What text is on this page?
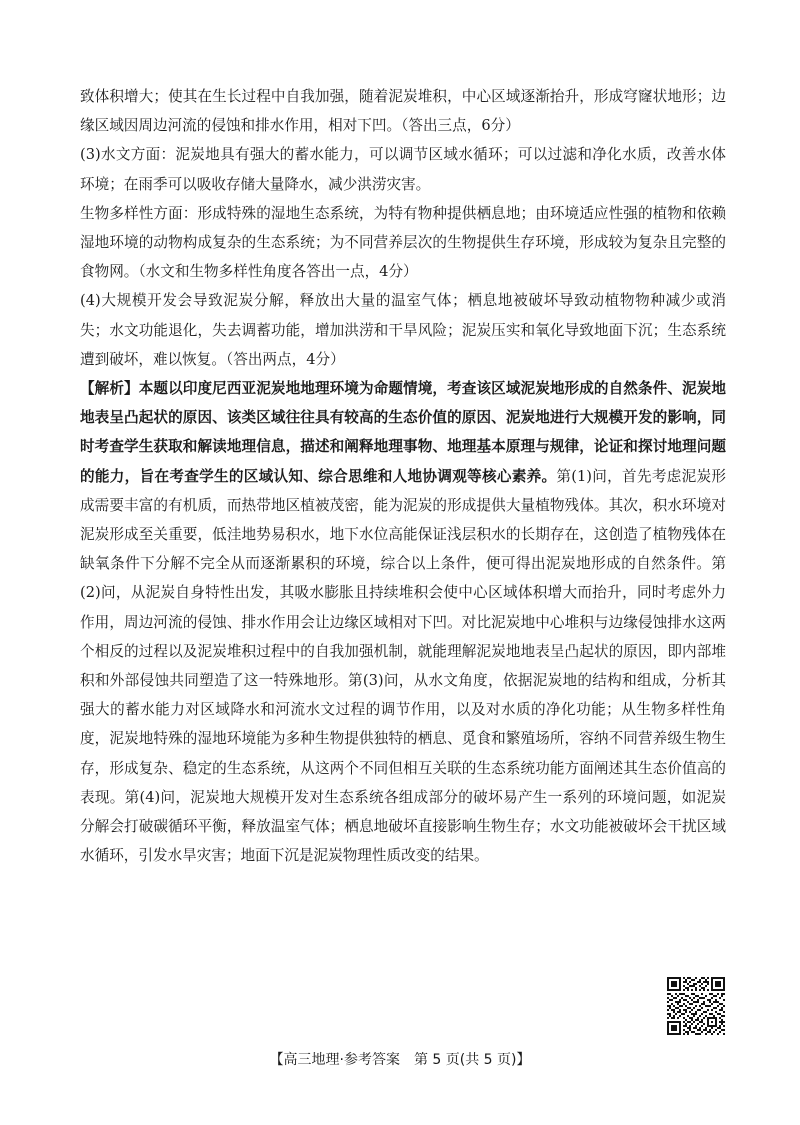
致体积增大；使其在生长过程中自我加强，随着泥炭堆积，中心区域逐渐抬升，形成穹窿状地形；边缘区域因周边河流的侵蚀和排水作用，相对下凹。（答出三点，6分）

(3)水文方面：泥炭地具有强大的蓄水能力，可以调节区域水循环；可以过滤和净化水质，改善水体环境；在雨季可以吸收存储大量降水，减少洪涝灾害。

生物多样性方面：形成特殊的湿地生态系统，为特有物种提供栖息地；由环境适应性强的植物和依赖湿地环境的动物构成复杂的生态系统；为不同营养层次的生物提供生存环境，形成较为复杂且完整的食物网。（水文和生物多样性角度各答出一点，4分）

(4)大规模开发会导致泥炭分解，释放出大量的温室气体；栖息地被破坏导致动植物物种减少或消失；水文功能退化，失去调蓄功能，增加洪涝和干旱风险；泥炭压实和氧化导致地面下沉；生态系统遭到破坏，难以恢复。（答出两点，4分）

【解析】本题以印度尼西亚泥炭地地理环境为命题情境，考查该区域泥炭地形成的自然条件、泥炭地地表呈凸起状的原因、该类区域往往具有较高的生态价值的原因、泥炭地进行大规模开发的影响，同时考查学生获取和解读地理信息，描述和阐释地理事物、地理基本原理与规律，论证和探讨地理问题的能力，旨在考查学生的区域认知、综合思维和人地协调观等核心素养。第(1)问，首先考虑泥炭形成需要丰富的有机质，而热带地区植被茂密，能为泥炭的形成提供大量植物残体。其次，积水环境对泥炭形成至关重要，低洼地势易积水，地下水位高能保证浅层积水的长期存在，这创造了植物残体在缺氧条件下分解不完全从而逐渐累积的环境，综合以上条件，便可得出泥炭地形成的自然条件。第(2)问，从泥炭自身特性出发，其吸水膨胀且持续堆积会使中心区域体积增大而抬升，同时考虑外力作用，周边河流的侵蚀、排水作用会让边缘区域相对下凹。对比泥炭地中心堆积与边缘侵蚀排水这两个相反的过程以及泥炭堆积过程中的自我加强机制，就能理解泥炭地地表呈凸起状的原因，即内部堆积和外部侵蚀共同塑造了这一特殊地形。第(3)问，从水文角度，依据泥炭地的结构和组成，分析其强大的蓄水能力对区域降水和河流水文过程的调节作用，以及对水质的净化功能；从生物多样性角度，泥炭地特殊的湿地环境能为多种生物提供独特的栖息、觅食和繁殖场所，容纳不同营养级生物生存，形成复杂、稳定的生态系统，从这两个不同但相互关联的生态系统功能方面阐述其生态价值高的表现。第(4)问，泥炭地大规模开发对生态系统各组成部分的破坏易产生一系列的环境问题，如泥炭分解会打破碳循环平衡，释放温室气体；栖息地破坏直接影响生物生存；水文功能被破坏会干扰区域水循环，引发水旱灾害；地面下沉是泥炭物理性质改变的结果。

【高三地理·参考答案　第 5 页(共 5 页)】
